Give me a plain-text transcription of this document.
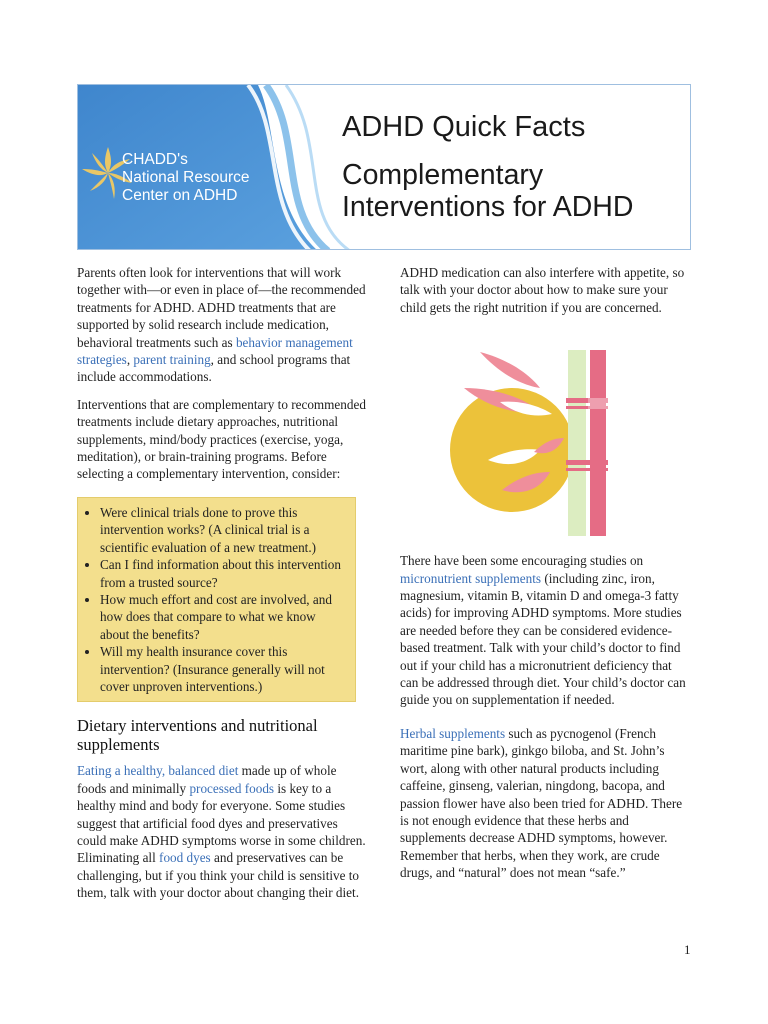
CHADD's
National Resource
Center on ADHD
ADHD Quick Facts
Complementary
Interventions for ADHD

Parents often look for interventions that will work together with—or even in place of—the recommended treatments for ADHD. ADHD treatments that are supported by solid research include medication, behavioral treatments such as behavior management strategies, parent training, and school programs that include accommodations.

Interventions that are complementary to recommended treatments include dietary approaches, nutritional supplements, mind/body practices (exercise, yoga, meditation), or brain-training programs. Before selecting a complementary intervention, consider:

• Were clinical trials done to prove this intervention works? (A clinical trial is a scientific evaluation of a new treatment.)
• Can I find information about this intervention from a trusted source?
• How much effort and cost are involved, and how does that compare to what we know about the benefits?
• Will my health insurance cover this intervention? (Insurance generally will not cover unproven interventions.)
Dietary interventions and nutritional supplements

Eating a healthy, balanced diet made up of whole foods and minimally processed foods is key to a healthy mind and body for everyone. Some studies suggest that artificial food dyes and preservatives could make ADHD symptoms worse in some children. Eliminating all food dyes and preservatives can be challenging, but if you think your child is sensitive to them, talk with your doctor about changing their diet.

ADHD medication can also interfere with appetite, so talk with your doctor about how to make sure your child gets the right nutrition if you are concerned.

There have been some encouraging studies on micronutrient supplements (including zinc, iron, magnesium, vitamin B, vitamin D and omega-3 fatty acids) for improving ADHD symptoms. More studies are needed before they can be considered evidence-based treatment. Talk with your child’s doctor to find out if your child has a micronutrient deficiency that can be addressed through diet. Your child’s doctor can guide you on supplementation if needed.

Herbal supplements such as pycnogenol (French maritime pine bark), ginkgo biloba, and St. John’s wort, along with other natural products including caffeine, ginseng, valerian, ningdong, bacopa, and passion flower have also been tried for ADHD. There is not enough evidence that these herbs and supplements decrease ADHD symptoms, however. Remember that herbs, when they work, are crude drugs, and “natural” does not mean “safe.”

1
